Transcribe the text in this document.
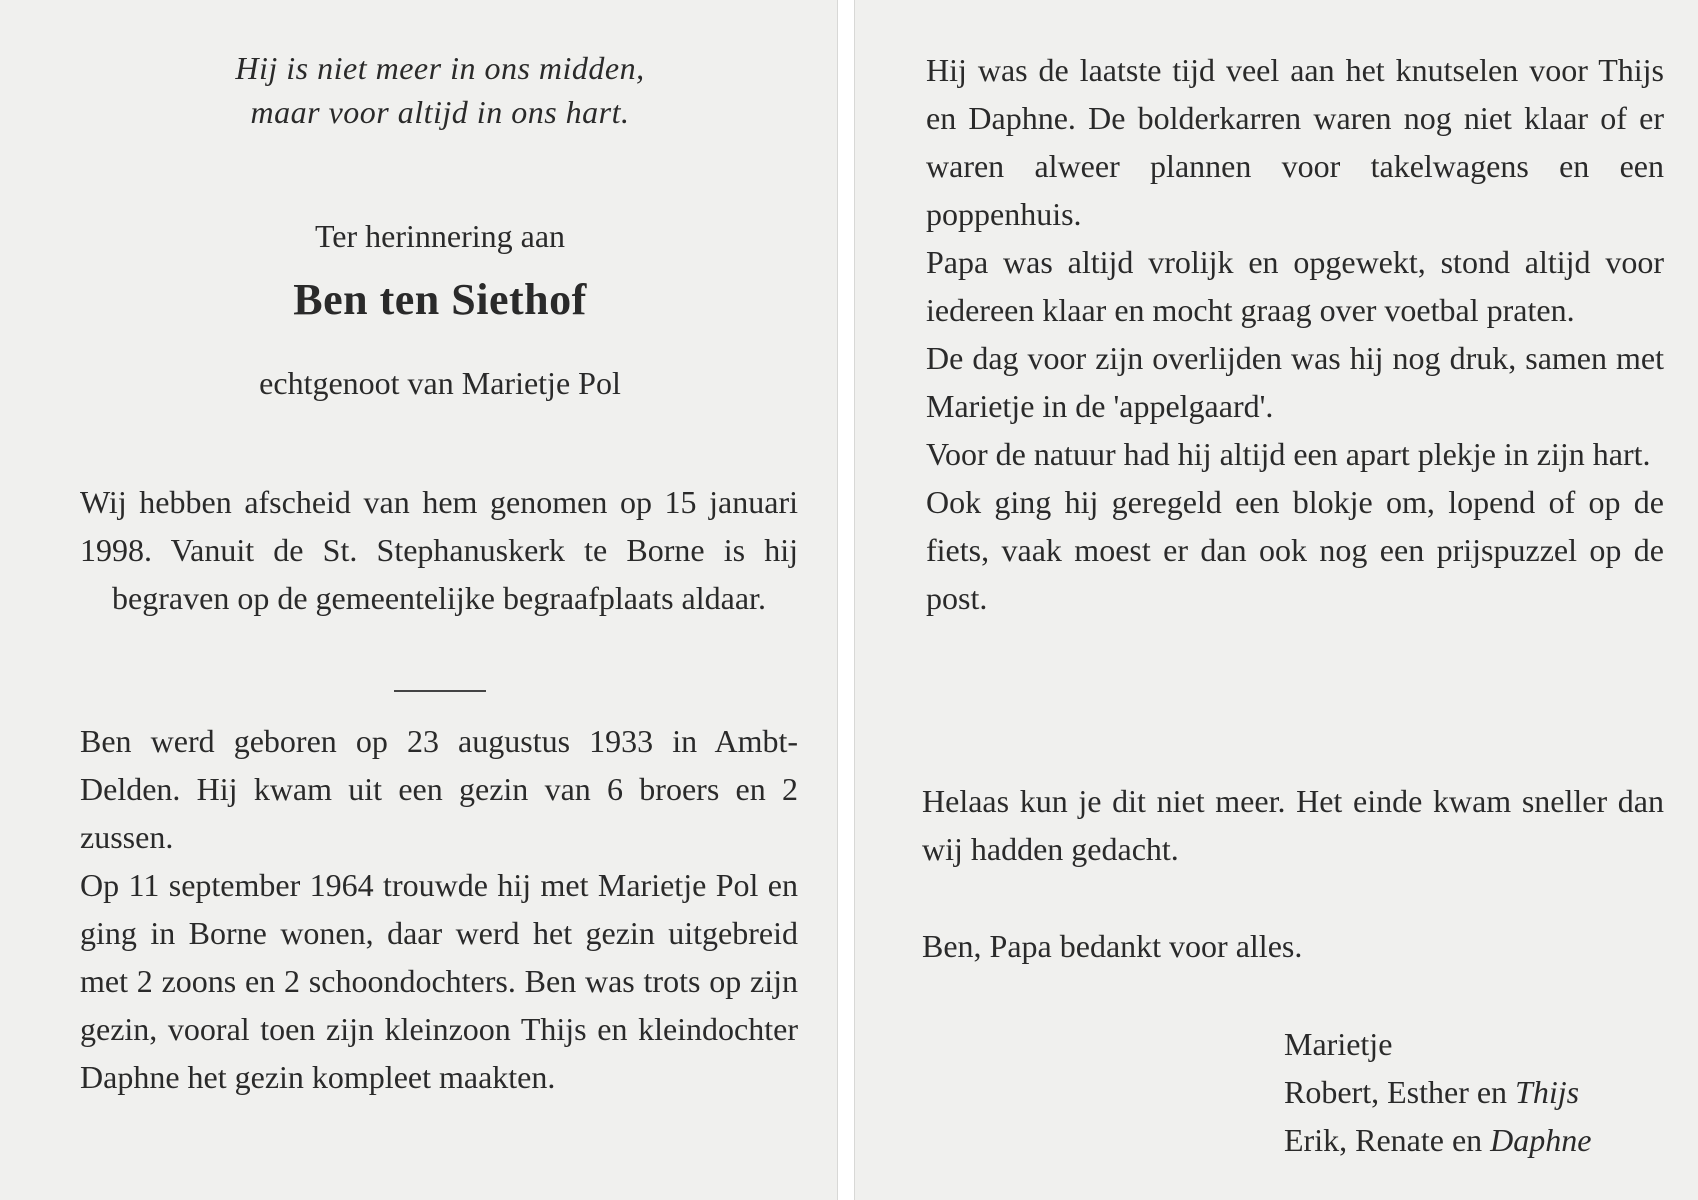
Hij is niet meer in ons midden,
maar voor altijd in ons hart.
Ter herinnering aan
Ben ten Siethof
echtgenoot van Marietje Pol
Wij hebben afscheid van hem genomen op 15 januari 1998. Vanuit de St. Stephanuskerk te Borne is hij begraven op de gemeentelijke begraafplaats aldaar.

Ben werd geboren op 23 augustus 1933 in Ambt-Delden. Hij kwam uit een gezin van 6 broers en 2 zussen.

Op 11 september 1964 trouwde hij met Marietje Pol en ging in Borne wonen, daar werd het gezin uitgebreid met 2 zoons en 2 schoondochters. Ben was trots op zijn gezin, vooral toen zijn kleinzoon Thijs en kleindochter Daphne het gezin kompleet maakten.

Hij was de laatste tijd veel aan het knutselen voor Thijs en Daphne. De bolderkarren waren nog niet klaar of er waren alweer plannen voor takelwagens en een poppenhuis.

Papa was altijd vrolijk en opgewekt, stond altijd voor iedereen klaar en mocht graag over voetbal praten.

De dag voor zijn overlijden was hij nog druk, samen met Marietje in de 'appelgaard'.

Voor de natuur had hij altijd een apart plekje in zijn hart.

Ook ging hij geregeld een blokje om, lopend of op de fiets, vaak moest er dan ook nog een prijspuzzel op de post.

Helaas kun je dit niet meer. Het einde kwam sneller dan wij hadden gedacht.
Ben, Papa bedankt voor alles.
Marietje
Robert, Esther en Thijs
Erik, Renate en Daphne
